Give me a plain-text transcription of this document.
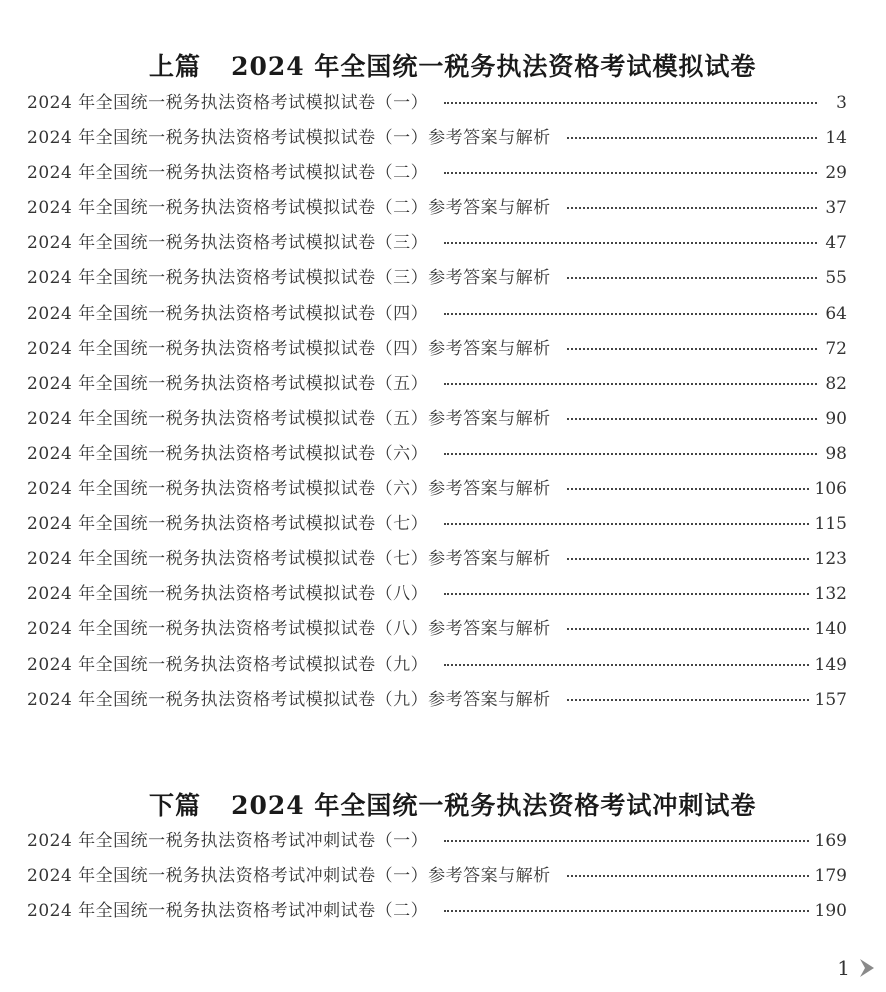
上篇 2024 年全国统一税务执法资格考试模拟试卷

2024 年全国统一税务执法资格考试模拟试卷（一）	3
2024 年全国统一税务执法资格考试模拟试卷（一）参考答案与解析	14
2024 年全国统一税务执法资格考试模拟试卷（二）	29
2024 年全国统一税务执法资格考试模拟试卷（二）参考答案与解析	37
2024 年全国统一税务执法资格考试模拟试卷（三）	47
2024 年全国统一税务执法资格考试模拟试卷（三）参考答案与解析	55
2024 年全国统一税务执法资格考试模拟试卷（四）	64
2024 年全国统一税务执法资格考试模拟试卷（四）参考答案与解析	72
2024 年全国统一税务执法资格考试模拟试卷（五）	82
2024 年全国统一税务执法资格考试模拟试卷（五）参考答案与解析	90
2024 年全国统一税务执法资格考试模拟试卷（六）	98
2024 年全国统一税务执法资格考试模拟试卷（六）参考答案与解析	106
2024 年全国统一税务执法资格考试模拟试卷（七）	115
2024 年全国统一税务执法资格考试模拟试卷（七）参考答案与解析	123
2024 年全国统一税务执法资格考试模拟试卷（八）	132
2024 年全国统一税务执法资格考试模拟试卷（八）参考答案与解析	140
2024 年全国统一税务执法资格考试模拟试卷（九）	149
2024 年全国统一税务执法资格考试模拟试卷（九）参考答案与解析	157

下篇 2024 年全国统一税务执法资格考试冲刺试卷

2024 年全国统一税务执法资格考试冲刺试卷（一）	169
2024 年全国统一税务执法资格考试冲刺试卷（一）参考答案与解析	179
2024 年全国统一税务执法资格考试冲刺试卷（二）	190
1
